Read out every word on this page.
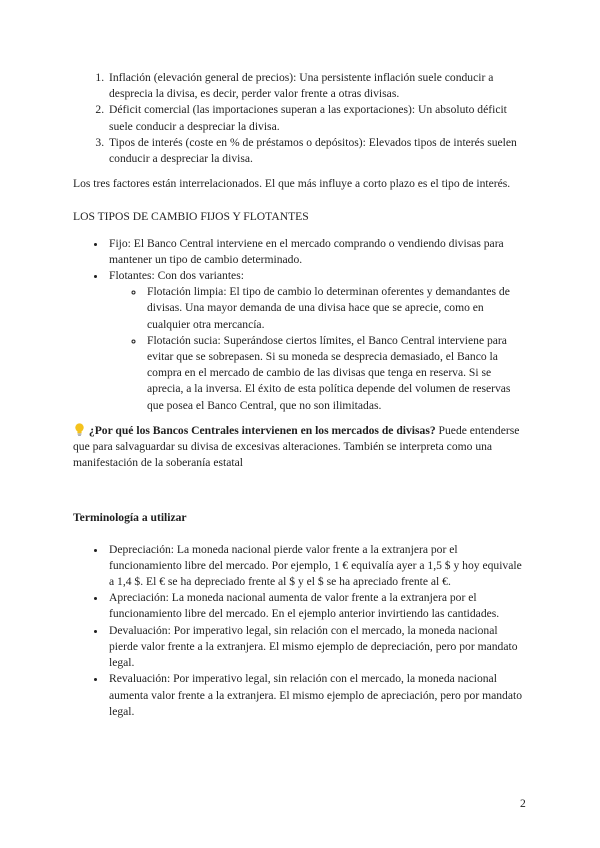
1. Inflación (elevación general de precios): Una persistente inflación suele conducir a desprecia la divisa, es decir, perder valor frente a otras divisas.
2. Déficit comercial (las importaciones superan a las exportaciones): Un absoluto déficit suele conducir a despreciar la divisa.
3. Tipos de interés (coste en % de préstamos o depósitos): Elevados tipos de interés suelen conducir a despreciar la divisa.

Los tres factores están interrelacionados. El que más influye a corto plazo es el tipo de interés.

LOS TIPOS DE CAMBIO FIJOS Y FLOTANTES

• Fijo: El Banco Central interviene en el mercado comprando o vendiendo divisas para mantener un tipo de cambio determinado.
• Flotantes: Con dos variantes:
◦ Flotación limpia: El tipo de cambio lo determinan oferentes y demandantes de divisas. Una mayor demanda de una divisa hace que se aprecie, como en cualquier otra mercancía.
◦ Flotación sucia: Superándose ciertos límites, el Banco Central interviene para evitar que se sobrepasen. Si su moneda se desprecia demasiado, el Banco la compra en el mercado de cambio de las divisas que tenga en reserva. Si se aprecia, a la inversa. El éxito de esta política depende del volumen de reservas que posea el Banco Central, que no son ilimitadas.

¿Por qué los Bancos Centrales intervienen en los mercados de divisas? Puede entenderse que para salvaguardar su divisa de excesivas alteraciones. También se interpreta como una manifestación de la soberanía estatal

Terminología a utilizar

• Depreciación: La moneda nacional pierde valor frente a la extranjera por el funcionamiento libre del mercado. Por ejemplo, 1 € equivalía ayer a 1,5 $ y hoy equivale a 1,4 $. El € se ha depreciado frente al $ y el $ se ha apreciado frente al €.
• Apreciación: La moneda nacional aumenta de valor frente a la extranjera por el funcionamiento libre del mercado. En el ejemplo anterior invirtiendo las cantidades.
• Devaluación: Por imperativo legal, sin relación con el mercado, la moneda nacional pierde valor frente a la extranjera. El mismo ejemplo de depreciación, pero por mandato legal.
• Revaluación: Por imperativo legal, sin relación con el mercado, la moneda nacional aumenta valor frente a la extranjera. El mismo ejemplo de apreciación, pero por mandato legal.
2
